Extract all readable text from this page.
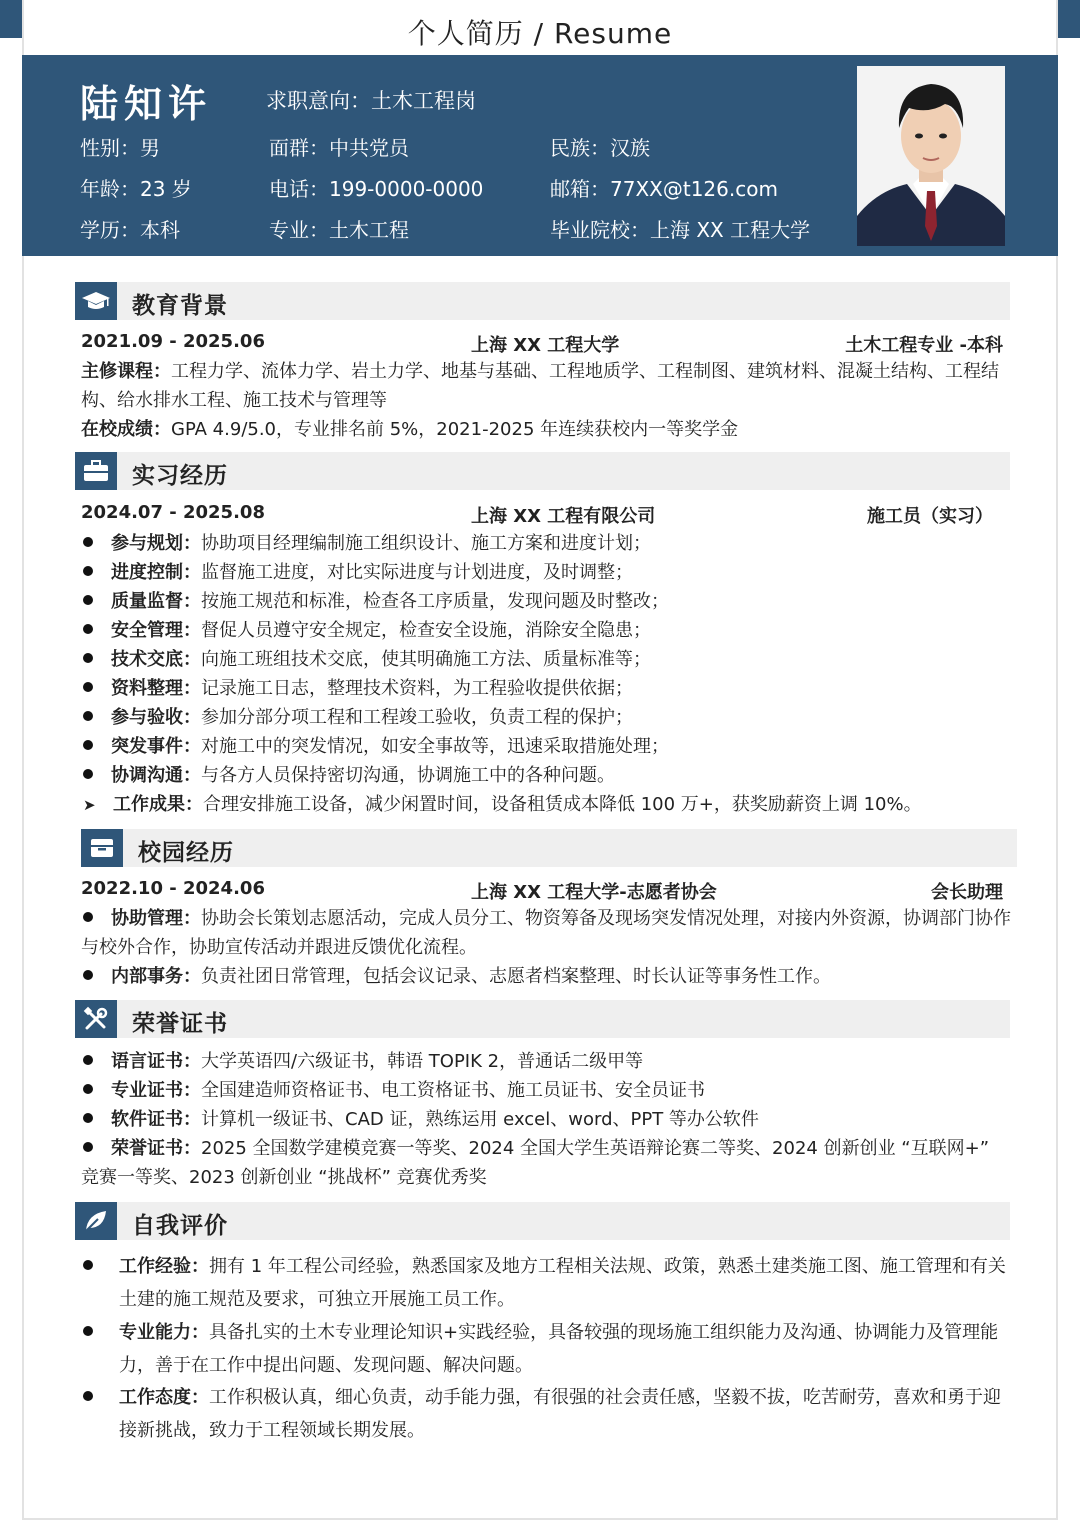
个人简历 / Resume
陆知许	求职意向：土木工程岗
性别：男	面群：中共党员	民族：汉族
年龄：23 岁	电话：199-0000-0000	邮箱：77XX@t126.com
学历：本科	专业：土木工程	毕业院校：上海 XX 工程大学
教育背景
2021.09 - 2025.06	上海 XX 工程大学	土木工程专业 -本科
主修课程：工程力学、流体力学、岩土力学、地基与基础、工程地质学、工程制图、建筑材料、混凝土结构、工程结
构、给水排水工程、施工技术与管理等
在校成绩：GPA 4.9/5.0，专业排名前 5%，2021-2025 年连续获校内一等奖学金
实习经历
2024.07 - 2025.08	上海 XX 工程有限公司	施工员（实习）
参与规划：协助项目经理编制施工组织设计、施工方案和进度计划；
进度控制：监督施工进度，对比实际进度与计划进度，及时调整；
质量监督：按施工规范和标准，检查各工序质量，发现问题及时整改；
安全管理：督促人员遵守安全规定，检查安全设施，消除安全隐患；
技术交底：向施工班组技术交底，使其明确施工方法、质量标准等；
资料整理：记录施工日志，整理技术资料，为工程验收提供依据；
参与验收：参加分部分项工程和工程竣工验收，负责工程的保护；
突发事件：对施工中的突发情况，如安全事故等，迅速采取措施处理；
协调沟通：与各方人员保持密切沟通，协调施工中的各种问题。
➤ 工作成果：合理安排施工设备，减少闲置时间，设备租赁成本降低 100 万+，获奖励薪资上调 10%。
校园经历
2022.10 - 2024.06	上海 XX 工程大学-志愿者协会	会长助理
协助管理：协助会长策划志愿活动，完成人员分工、物资筹备及现场突发情况处理，对接内外资源，协调部门协作
与校外合作，协助宣传活动并跟进反馈优化流程。
内部事务：负责社团日常管理，包括会议记录、志愿者档案整理、时长认证等事务性工作。
荣誉证书
语言证书：大学英语四/六级证书，韩语 TOPIK 2，普通话二级甲等
专业证书：全国建造师资格证书、电工资格证书、施工员证书、安全员证书
软件证书：计算机一级证书、CAD 证，熟练运用 excel、word、PPT 等办公软件
荣誉证书：2025 全国数学建模竞赛一等奖、2024 全国大学生英语辩论赛二等奖、2024 创新创业 “互联网+”
竞赛一等奖、2023 创新创业 “挑战杯” 竞赛优秀奖
自我评价
工作经验：拥有 1 年工程公司经验，熟悉国家及地方工程相关法规、政策，熟悉土建类施工图、施工管理和有关
土建的施工规范及要求，可独立开展施工员工作。
专业能力：具备扎实的土木专业理论知识+实践经验，具备较强的现场施工组织能力及沟通、协调能力及管理能
力，善于在工作中提出问题、发现问题、解决问题。
工作态度：工作积极认真，细心负责，动手能力强，有很强的社会责任感，坚毅不拔，吃苦耐劳，喜欢和勇于迎
接新挑战，致力于工程领域长期发展。
